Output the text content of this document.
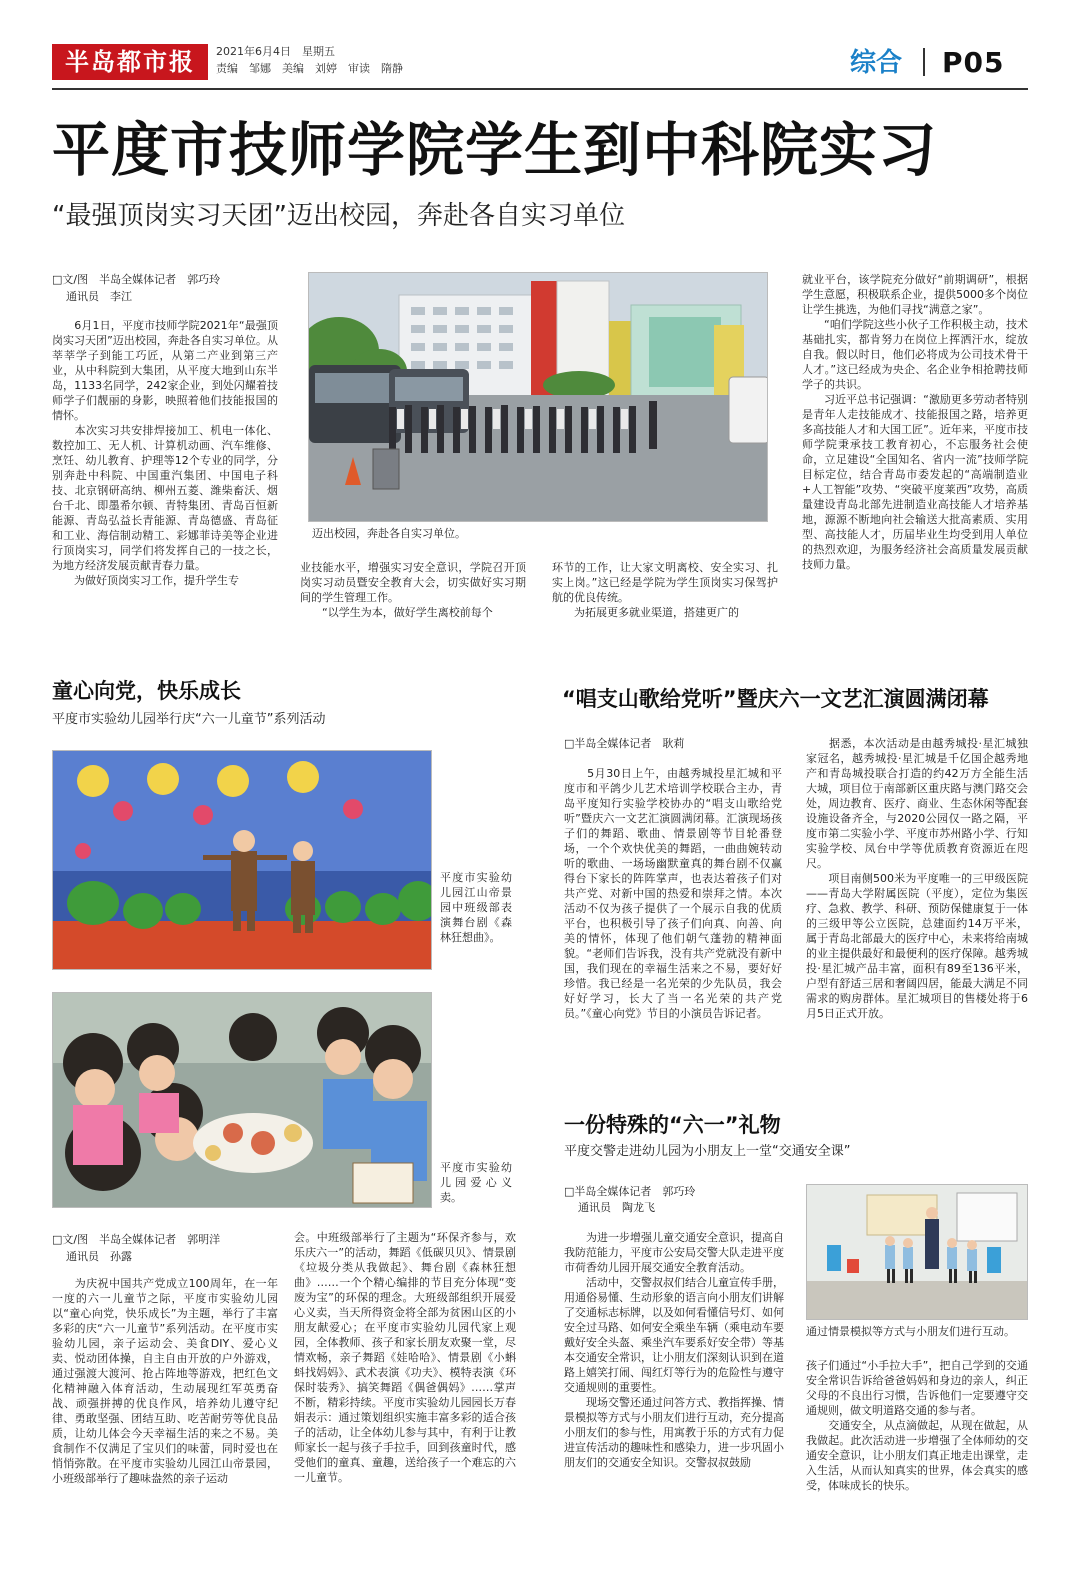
半岛都市报	2021年6月4日　星期五
责编　邹娜　美编　刘婷　审读　隋静	综合 P05
平度市技师学院学生到中科院实习
“最强顶岗实习天团”迈出校园，奔赴各自实习单位
□文/图　半岛全媒体记者　郭巧玲
通讯员　李江
　　6月1日，平度市技师学院2021年“最强顶岗实习天团”迈出校园，奔赴各自实习单位。从莘莘学子到能工巧匠，从第二产业到第三产业，从中科院到大集团，从平度大地到山东半岛，1133名同学，242家企业，到处闪耀着技师学子们靓丽的身影，映照着他们技能报国的情怀。
　　本次实习共安排焊接加工、机电一体化、数控加工、无人机、计算机动画、汽车维修、烹饪、幼儿教育、护理等12个专业的同学，分别奔赴中科院、中国重汽集团、中国电子科技、北京钢研高纳、柳州五菱、潍柴畜沃、烟台千北、即墨希尔顿、青特集团、青岛百恒新能源、青岛弘益长青能源、青岛德盛、青岛征和工业、海信制动精工、彩娜菲诗美等企业进行顶岗实习，同学们将发挥自己的一技之长，为地方经济发展贡献青春力量。
　　为做好顶岗实习工作，提升学生专
迈出校园，奔赴各自实习单位。
业技能水平，增强实习安全意识，学院召开顶岗实习动员暨安全教育大会，切实做好实习期间的学生管理工作。
　　“以学生为本，做好学生离校前每个
环节的工作，让大家文明离校、安全实习、扎实上岗。”这已经是学院为学生顶岗实习保驾护航的优良传统。
　　为拓展更多就业渠道，搭建更广的
就业平台，该学院充分做好“前期调研”，根据学生意愿，积极联系企业，提供5000多个岗位让学生挑选，为他们寻找“满意之家”。
　　“咱们学院这些小伙子工作积极主动，技术基础扎实，都肯努力在岗位上挥洒汗水，绽放自我。假以时日，他们必将成为公司技术骨干人才。”这已经成为央企、名企业争相抢聘技师学子的共识。
　　习近平总书记强调：“激励更多劳动者特别是青年人走技能成才、技能报国之路，培养更多高技能人才和大国工匠”。近年来，平度市技师学院秉承技工教育初心，不忘服务社会使命，立足建设“全国知名、省内一流”技师学院目标定位，结合青岛市委发起的“高端制造业+人工智能”攻势、“突破平度莱西”攻势，高质量建设青岛北部先进制造业高技能人才培养基地，源源不断地向社会输送大批高素质、实用型、高技能人才，历届毕业生均受到用人单位的热烈欢迎，为服务经济社会高质量发展贡献技师力量。
童心向党，快乐成长
平度市实验幼儿园举行庆“六一儿童节”系列活动
平度市实验幼儿园江山帝景园中班级部表演舞台剧《森林狂想曲》。
平度市实验幼儿园爱心义卖。
□文/图　半岛全媒体记者　郭明洋
通讯员　孙露
　　为庆祝中国共产党成立100周年，在一年一度的六一儿童节之际，平度市实验幼儿园以“童心向党，快乐成长”为主题，举行了丰富多彩的庆“六一儿童节”系列活动。在平度市实验幼儿园，亲子运动会、美食DIY、爱心义卖、悦动团体操，自主自由开放的户外游戏，通过强渡大渡河、抢占阵地等游戏，把红色文化精神融入体育活动，生动展现红军英勇奋战、顽强拼搏的优良作风，培养幼儿遵守纪律、勇敢坚强、团结互助、吃苦耐劳等优良品质，让幼儿体会今天幸福生活的来之不易。美食制作不仅满足了宝贝们的味蕾，同时爱也在悄悄弥散。在平度市实验幼儿园江山帝景园，小班级部举行了趣味盎然的亲子运动
会。中班级部举行了主题为“环保齐参与，欢乐庆六一”的活动，舞蹈《低碳贝贝》、情景剧《垃圾分类从我做起》、舞台剧《森林狂想曲》……一个个精心编排的节目充分体现“变废为宝”的环保的理念。大班级部组织开展爱心义卖，当天所得资金将全部为贫困山区的小朋友献爱心；在平度市实验幼儿园代家上观园，全体教师、孩子和家长朋友欢聚一堂，尽情欢畅，亲子舞蹈《娃哈哈》、情景剧《小蝌蚪找妈妈》、武术表演《功夫》、模特表演《环保时装秀》、搞笑舞蹈《偶爸偶妈》……掌声不断，精彩持续。平度市实验幼儿园园长万春娟表示：通过策划组织实施丰富多彩的适合孩子的活动，让全体幼儿参与其中，有利于让教师家长一起与孩子手拉手，回到孩童时代，感受他们的童真、童趣，送给孩子一个难忘的六一儿童节。
“唱支山歌给党听”暨庆六一文艺汇演圆满闭幕
□半岛全媒体记者　耿莉
　　5月30日上午，由越秀城投星汇城和平度市和平鸽少儿艺术培训学校联合主办，青岛平度知行实验学校协办的“唱支山歌给党听”暨庆六一文艺汇演圆满闭幕。汇演现场孩子们的舞蹈、歌曲、情景剧等节目轮番登场，一个个欢快优美的舞蹈，一曲曲婉转动听的歌曲、一场场幽默童真的舞台剧不仅赢得台下家长的阵阵掌声，也表达着孩子们对共产党、对新中国的热爱和崇拜之情。本次活动不仅为孩子提供了一个展示自我的优质平台，也积极引导了孩子们向真、向善、向美的情怀，体现了他们朝气蓬勃的精神面貌。“老师们告诉我，没有共产党就没有新中国，我们现在的幸福生活来之不易，要好好珍惜。我已经是一名光荣的少先队员，我会好好学习，长大了当一名光荣的共产党员。”《童心向党》节目的小演员告诉记者。
　　据悉，本次活动是由越秀城投·星汇城独家冠名，越秀城投·星汇城是千亿国企越秀地产和青岛城投联合打造的约42万方全能生活大城，项目位于南部新区重庆路与澳门路交会处，周边教育、医疗、商业、生态休闲等配套设施设备齐全，与2020公园仅一路之隔，平度市第二实验小学、平度市苏州路小学、行知实验学校、凤台中学等优质教育资源近在咫尺。
　　项目南侧500米为平度唯一的三甲级医院——青岛大学附属医院（平度），定位为集医疗、急救、教学、科研、预防保健康复于一体的三级甲等公立医院，总建面约14万平米，属于青岛北部最大的医疗中心，未来将给南城的业主提供最好和最便利的医疗保障。越秀城投·星汇城产品丰富，面积有89至136平米，户型有舒适三居和奢阔四居，能最大满足不同需求的购房群体。星汇城项目的售楼处将于6月5日正式开放。
一份特殊的“六一”礼物
平度交警走进幼儿园为小朋友上一堂“交通安全课”
□半岛全媒体记者　郭巧玲
通讯员　陶龙飞
　　为进一步增强儿童交通安全意识，提高自我防范能力，平度市公安局交警大队走进平度市荷香幼儿园开展交通安全教育活动。
　　活动中，交警叔叔们结合儿童宣传手册，用通俗易懂、生动形象的语言向小朋友们讲解了交通标志标牌，以及如何看懂信号灯、如何安全过马路、如何安全乘坐车辆（乘电动车要戴好安全头盔、乘坐汽车要系好安全带）等基本交通安全常识，让小朋友们深刻认识到在道路上嬉笑打闹、闯红灯等行为的危险性与遵守交通规则的重要性。
　　现场交警还通过问答方式、教指挥操、情景模拟等方式与小朋友们进行互动，充分提高小朋友们的参与性，用寓教于乐的方式有力促进宣传活动的趣味性和感染力，进一步巩固小朋友们的交通安全知识。交警叔叔鼓励
通过情景模拟等方式与小朋友们进行互动。
孩子们通过“小手拉大手”，把自己学到的交通安全常识告诉给爸爸妈妈和身边的亲人，纠正父母的不良出行习惯，告诉他们一定要遵守交通规则，做文明道路交通的参与者。
　　交通安全，从点滴做起，从现在做起，从我做起。此次活动进一步增强了全体师幼的交通安全意识，让小朋友们真正地走出课堂，走入生活，从而认知真实的世界，体会真实的感受，体味成长的快乐。
